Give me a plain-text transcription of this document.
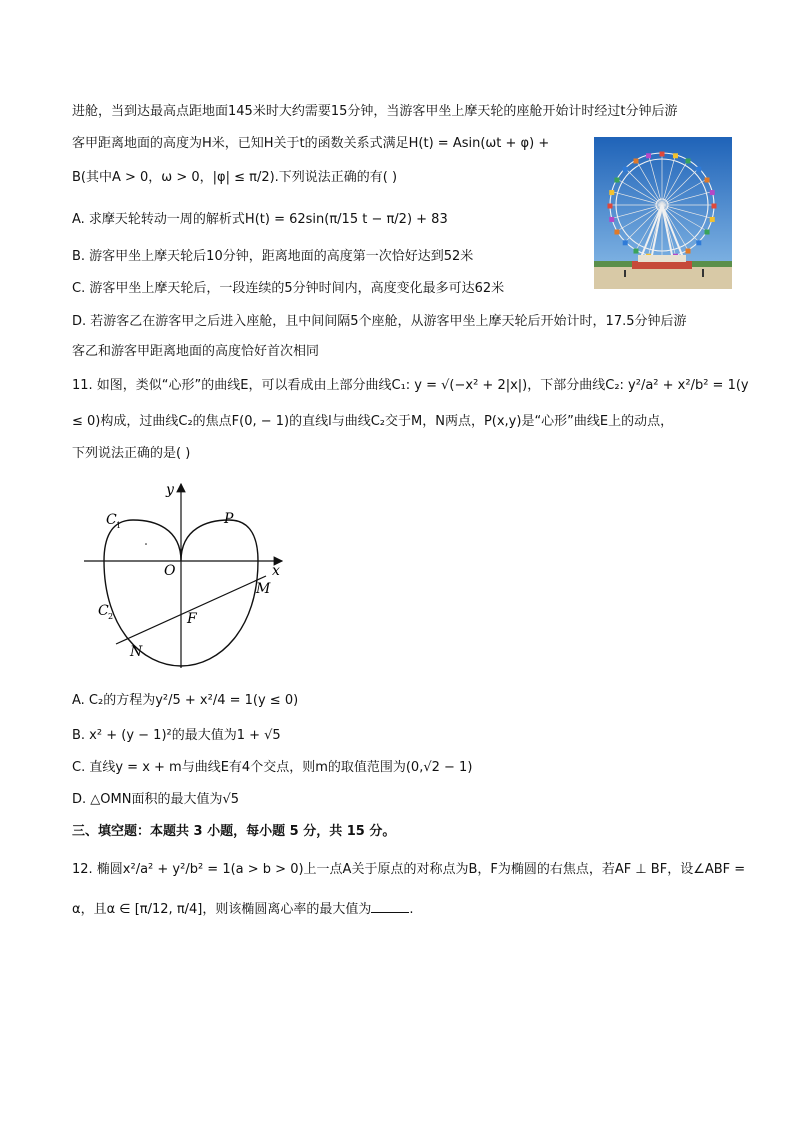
进舱，当到达最高点距地面145米时大约需要15分钟，当游客甲坐上摩天轮的座舱开始计时经过t分钟后游
客甲距离地面的高度为H米，已知H关于t的函数关系式满足H(t) = Asin(ωt + φ) +
B(其中A > 0，ω > 0，|φ| ≤ π/2).下列说法正确的有( )
A. 求摩天轮转动一周的解析式H(t) = 62sin(π/15 t − π/2) + 83
B. 游客甲坐上摩天轮后10分钟，距离地面的高度第一次恰好达到52米
C. 游客甲坐上摩天轮后，一段连续的5分钟时间内，高度变化最多可达62米
D. 若游客乙在游客甲之后进入座舱，且中间间隔5个座舱，从游客甲坐上摩天轮后开始计时，17.5分钟后游
客乙和游客甲距离地面的高度恰好首次相同
11. 如图，类似“心形”的曲线E，可以看成由上部分曲线C₁: y = √(−x² + 2|x|)，下部分曲线C₂: y²/a² + x²/b² = 1(y
≤ 0)构成，过曲线C₂的焦点F(0, − 1)的直线l与曲线C₂交于M，N两点，P(x,y)是“心形”曲线E上的动点，
下列说法正确的是( )
y
x
C 1	P
O
M
C 2	F
N
A. C₂的方程为y²/5 + x²/4 = 1(y ≤ 0)
B. x² + (y − 1)²的最大值为1 + √5
C. 直线y = x + m与曲线E有4个交点，则m的取值范围为(0,√2 − 1)
D. △OMN面积的最大值为√5
三、填空题：本题共 3 小题，每小题 5 分，共 15 分。
12. 椭圆x²/a² + y²/b² = 1(a > b > 0)上一点A关于原点的对称点为B，F为椭圆的右焦点，若AF ⊥ BF，设∠ABF =
α，且α ∈ [π/12, π/4]，则该椭圆离心率的最大值为	.
